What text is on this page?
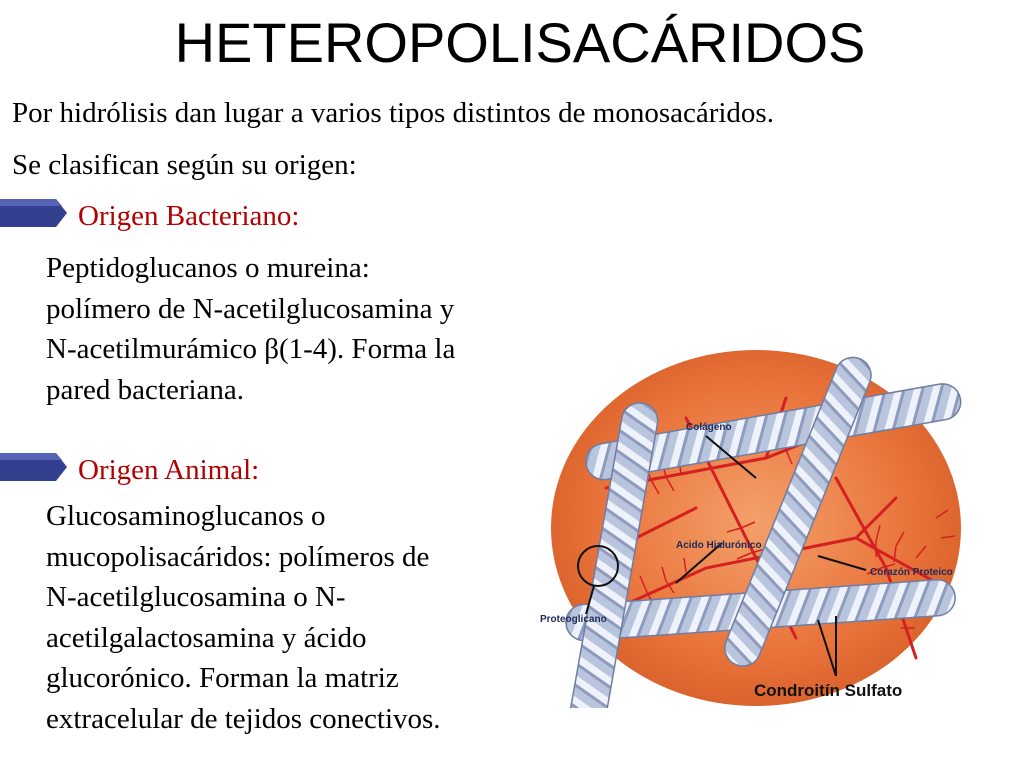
HETEROPOLISACÁRIDOS
Por hidrólisis dan lugar a varios tipos distintos de monosacáridos.
Se clasifican según su origen:
Origen Bacteriano:
Peptidoglucanos o mureina:
polímero de N-acetilglucosamina y
N-acetilmurámico β(1-4). Forma la
pared bacteriana.
Origen Animal:
Glucosaminoglucanos o
mucopolisacáridos: polímeros de
N-acetilglucosamina o N-
acetilgalactosamina y ácido
glucorónico. Forman la matriz
extracelular de tejidos conectivos.
Colágeno
Acido Hialurónico
Corazón Proteico
Proteoglicano
Condroitín Sulfato
